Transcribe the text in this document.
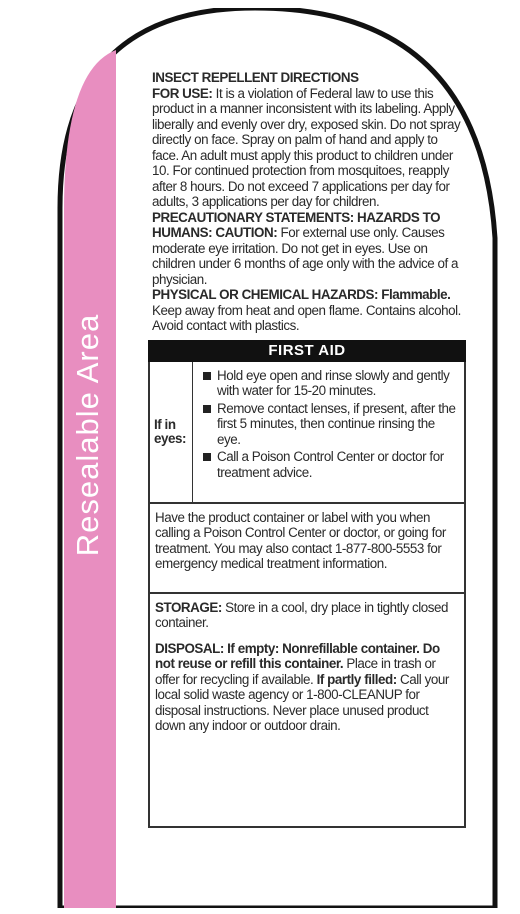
Resealable Area

INSECT REPELLENT DIRECTIONS

FOR USE: It is a violation of Federal law to use this product in a manner inconsistent with its labeling. Apply liberally and evenly over dry, exposed skin. Do not spray directly on face. Spray on palm of hand and apply to face. An adult must apply this product to children under 10. For continued protection from mosquitoes, reapply after 8 hours. Do not exceed 7 applications per day for adults, 3 applications per day for children. PRECAUTIONARY STATEMENTS: HAZARDS TO HUMANS: CAUTION: For external use only. Causes moderate eye irritation. Do not get in eyes. Use on children under 6 months of age only with the advice of a physician.

PHYSICAL OR CHEMICAL HAZARDS: Flammable. Keep away from heat and open flame. Contains alcohol. Avoid contact with plastics.

FIRST AID
If in eyes:
Hold eye open and rinse slowly and gently with water for 15-20 minutes.
Remove contact lenses, if present, after the first 5 minutes, then continue rinsing the eye.
Call a Poison Control Center or doctor for treatment advice.
Have the product container or label with you when calling a Poison Control Center or doctor, or going for treatment. You may also contact 1-877-800-5553 for emergency medical treatment information.

STORAGE: Store in a cool, dry place in tightly closed container.

DISPOSAL: If empty: Nonrefillable container. Do not reuse or refill this container. Place in trash or offer for recycling if available. If partly filled: Call your local solid waste agency or 1-800-CLEANUP for disposal instructions. Never place unused product down any indoor or outdoor drain.
